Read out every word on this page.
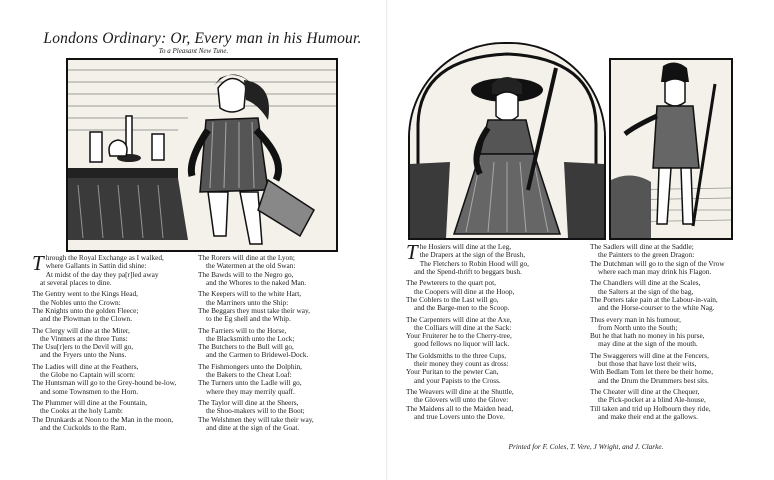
Londons Ordinary: Or, Every man in his Humour.
To a Pleasant New Tune.
T hrough the Royal Exchange as I walked,
where Gallants in Sattin did shine:
At midst of the day they pa[r]led away
at several places to dine.
The Gentry went to the Kings Head,
the Nobles unto the Crown:
The Knights unto the golden Fleece;
and the Plowman to the Clown.
The Clergy will dine at the Miter,
the Vintners at the three Tuns:
The Usu[r]ers to the Devil will go,
and the Fryers unto the Nuns.
The Ladies will dine at the Feathers,
the Globe no Captain will scorn:
The Huntsman will go to the Grey-hound be-low,
and some Townsmen to the Horn.
The Plummer will dine at the Fountain,
the Cooks at the holy Lamb:
The Drunkards at Noon to the Man in the moon,
and the Cuckolds to the Ram.
The Rorers will dine at the Lyon;
the Watermen at the old Swan:
The Bawds will to the Negro go,
and the Whores to the naked Man.
The Keepers will to the white Hart,
the Marriners unto the Ship:
The Beggars they must take their way,
to the Eg shell and the Whip.
The Farriers will to the Horse,
the Blacksmith unto the Lock;
The Butchers to the Bull will go,
and the Carmen to Bridewel-Dock.
The Fishmongers unto the Dolphin,
the Bakers to the Cheat Loaf:
The Turners unto the Ladle will go,
where they may merrily quaff.
The Taylor will dine at the Sheers,
the Shoo-makers will to the Boot;
The Welshmen they will take their way,
and dine at the sign of the Goat.
T he Hosiers will dine at the Leg,
the Drapers at the sign of the Brush,
The Fletchers to Robin Hood will go,
and the Spend-thrift to beggars bush.
The Pewterers to the quart pot,
the Coopers will dine at the Hoop,
The Coblers to the Last will go,
and the Barge-men to the Scoop.
The Carpenters will dine at the Axe,
the Colliars will dine at the Sack:
Your Fruiterer he to the Cherry-tree,
good fellows no liquor will lack.
The Goldsmiths to the three Cups,
their money they count as dross:
Your Puritan to the pewter Can,
and your Papists to the Cross.
The Weavers will dine at the Shuttle,
the Glovers will unto the Glove:
The Maidens all to the Maiden head,
and true Lovers unto the Dove.
The Sadlers will dine at the Saddle;
the Painters to the green Dragon:
The Dutchman will go to the sign of the Vrow
where each man may drink his Flagon.
The Chandlers will dine at the Scales,
the Salters at the sign of the bag,
The Porters take pain at the Labour-in-vain,
and the Horse-courser to the white Nag.
Thus every man in his humour,
from North unto the South;
But he that hath no money in his purse,
may dine at the sign of the mouth.
The Swaggerers will dine at the Fencers,
but those that have lost their wits,
With Bedlam Tom let there be their home,
and the Drum the Drummers best sits.
The Cheater will dine at the Chequer,
the Pick-pocket at a blind Ale-house,
Till taken and trid up Holbourn they ride,
and make their end at the gallows.
Printed for F. Coles, T. Vere, J Wright, and J. Clarke.
